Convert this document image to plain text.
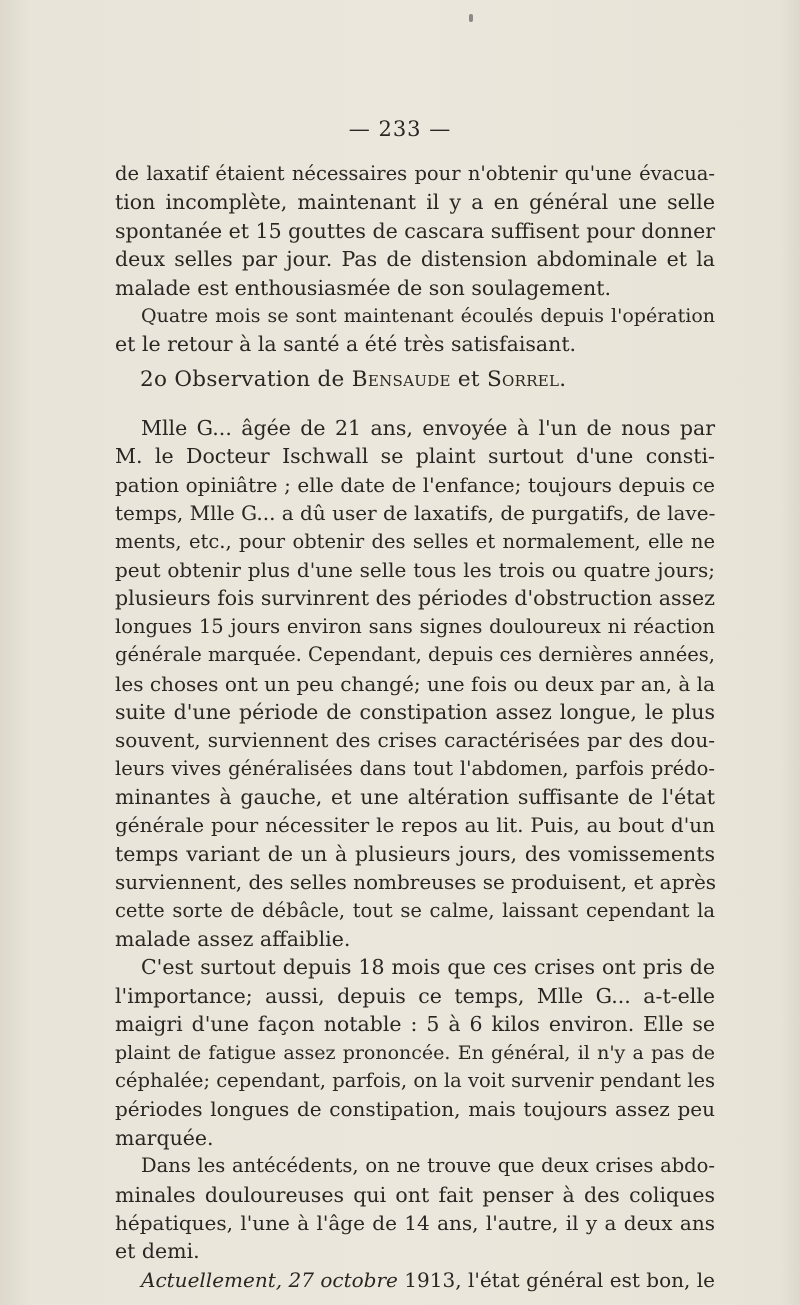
— 233 —
de laxatif étaient nécessaires pour n'obtenir qu'une évacua-
tion incomplète, maintenant il y a en général une selle
spontanée et 15 gouttes de cascara suffisent pour donner
deux selles par jour. Pas de distension abdominale et la
malade est enthousiasmée de son soulagement.
Quatre mois se sont maintenant écoulés depuis l'opération
et le retour à la santé a été très satisfaisant.
2o Observation de Bensaude et Sorrel.
Mlle G... âgée de 21 ans, envoyée à l'un de nous par
M. le Docteur Ischwall se plaint surtout d'une consti-
pation opiniâtre ; elle date de l'enfance; toujours depuis ce
temps, Mlle G... a dû user de laxatifs, de purgatifs, de lave-
ments, etc., pour obtenir des selles et normalement, elle ne
peut obtenir plus d'une selle tous les trois ou quatre jours;
plusieurs fois survinrent des périodes d'obstruction assez
longues 15 jours environ sans signes douloureux ni réaction
générale marquée. Cependant, depuis ces dernières années,
les choses ont un peu changé; une fois ou deux par an, à la
suite d'une période de constipation assez longue, le plus
souvent, surviennent des crises caractérisées par des dou-
leurs vives généralisées dans tout l'abdomen, parfois prédo-
minantes à gauche, et une altération suffisante de l'état
générale pour nécessiter le repos au lit. Puis, au bout d'un
temps variant de un à plusieurs jours, des vomissements
surviennent, des selles nombreuses se produisent, et après
cette sorte de débâcle, tout se calme, laissant cependant la
malade assez affaiblie.
C'est surtout depuis 18 mois que ces crises ont pris de
l'importance; aussi, depuis ce temps, Mlle G... a-t-elle
maigri d'une façon notable : 5 à 6 kilos environ. Elle se
plaint de fatigue assez prononcée. En général, il n'y a pas de
céphalée; cependant, parfois, on la voit survenir pendant les
périodes longues de constipation, mais toujours assez peu
marquée.
Dans les antécédents, on ne trouve que deux crises abdo-
minales douloureuses qui ont fait penser à des coliques
hépatiques, l'une à l'âge de 14 ans, l'autre, il y a deux ans
et demi.
Actuellement, 27 octobre 1913, l'état général est bon, le
